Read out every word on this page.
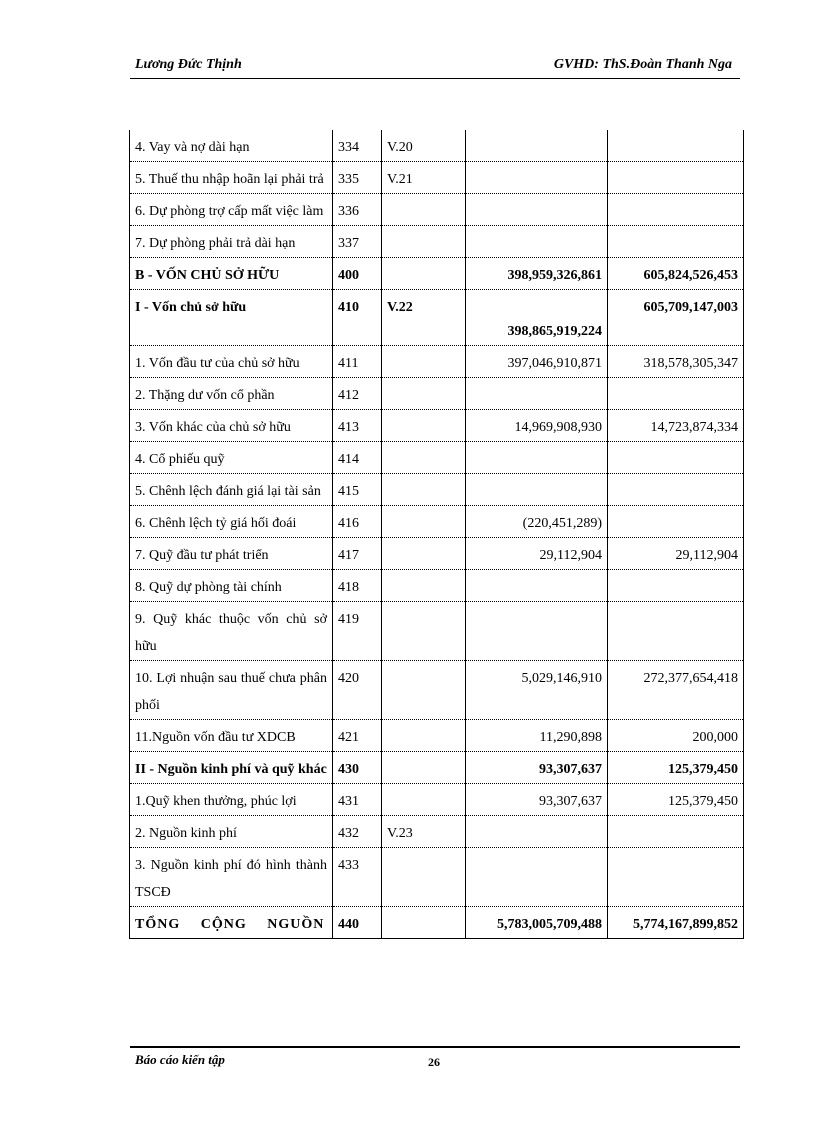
Lương Đức Thịnh	GVHD: ThS.Đoàn Thanh Nga
4. Vay và nợ dài hạn	334	V.20		
5. Thuế thu nhập hoãn lại phải trả	335	V.21		
6. Dự phòng trợ cấp mất việc làm	336			
7. Dự phòng phải trả dài hạn	337			
B - VỐN CHỦ SỞ HỮU	400		398,959,326,861	605,824,526,453
I - Vốn chủ sở hữu	410	V.22	398,865,919,224	605,709,147,003
1. Vốn đầu tư của chủ sở hữu	411		397,046,910,871	318,578,305,347
2. Thặng dư vốn cổ phần	412			
3. Vốn khác của chủ sở hữu	413		14,969,908,930	14,723,874,334
4. Cổ phiếu quỹ	414			
5. Chênh lệch đánh giá lại tài sản	415			
6. Chênh lệch tỷ giá hối đoái	416		(220,451,289)	
7. Quỹ đầu tư phát triển	417		29,112,904	29,112,904
8. Quỹ dự phòng tài chính	418			
9. Quỹ khác thuộc vốn chủ sở hữu	419			
10. Lợi nhuận sau thuế chưa phân phối	420		5,029,146,910	272,377,654,418
11.Nguồn vốn đầu tư XDCB	421		11,290,898	200,000
II - Nguồn kinh phí và quỹ khác	430		93,307,637	125,379,450
1.Quỹ khen thưởng, phúc lợi	431		93,307,637	125,379,450
2. Nguồn kinh phí	432	V.23		
3. Nguồn kinh phí đó hình thành TSCĐ	433			
TỔNG CỘNG NGUỒN	440		5,783,005,709,488	5,774,167,899,852
Báo cáo kiến tập	26
